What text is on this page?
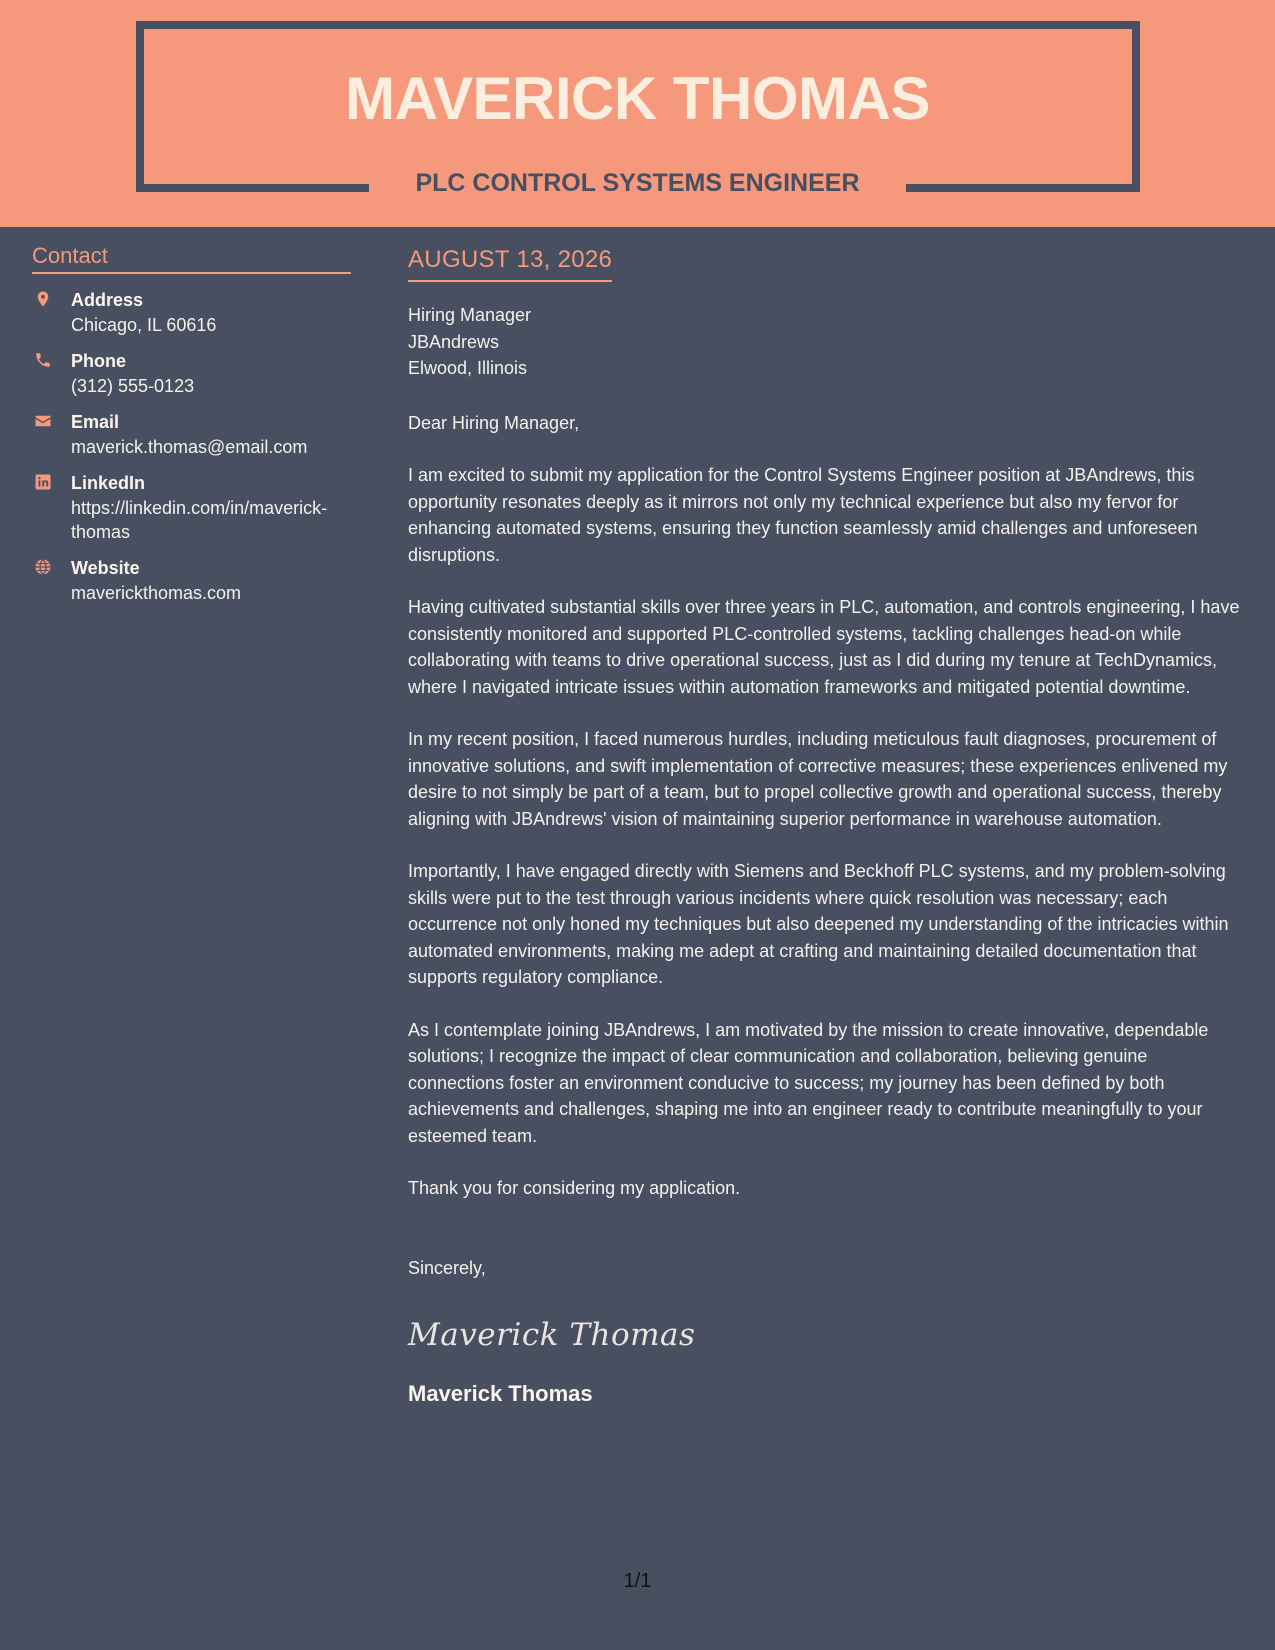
MAVERICK THOMAS
PLC CONTROL SYSTEMS ENGINEER
Contact
Address
Chicago, IL 60616
Phone
(312) 555-0123
Email
maverick.thomas@email.com
LinkedIn
https://linkedin.com/in/maverick-thomas
Website
maverickthomas.com
AUGUST 13, 2026
Hiring Manager
JBAndrews
Elwood, Illinois
Dear Hiring Manager,
I am excited to submit my application for the Control Systems Engineer position at JBAndrews, this opportunity resonates deeply as it mirrors not only my technical experience but also my fervor for enhancing automated systems, ensuring they function seamlessly amid challenges and unforeseen disruptions.
Having cultivated substantial skills over three years in PLC, automation, and controls engineering, I have consistently monitored and supported PLC-controlled systems, tackling challenges head-on while collaborating with teams to drive operational success, just as I did during my tenure at TechDynamics, where I navigated intricate issues within automation frameworks and mitigated potential downtime.
In my recent position, I faced numerous hurdles, including meticulous fault diagnoses, procurement of innovative solutions, and swift implementation of corrective measures; these experiences enlivened my desire to not simply be part of a team, but to propel collective growth and operational success, thereby aligning with JBAndrews' vision of maintaining superior performance in warehouse automation.
Importantly, I have engaged directly with Siemens and Beckhoff PLC systems, and my problem-solving skills were put to the test through various incidents where quick resolution was necessary; each occurrence not only honed my techniques but also deepened my understanding of the intricacies within automated environments, making me adept at crafting and maintaining detailed documentation that supports regulatory compliance.
As I contemplate joining JBAndrews, I am motivated by the mission to create innovative, dependable solutions; I recognize the impact of clear communication and collaboration, believing genuine connections foster an environment conducive to success; my journey has been defined by both achievements and challenges, shaping me into an engineer ready to contribute meaningfully to your esteemed team.
Thank you for considering my application.
Sincerely,
Maverick Thomas
Maverick Thomas
1/1
